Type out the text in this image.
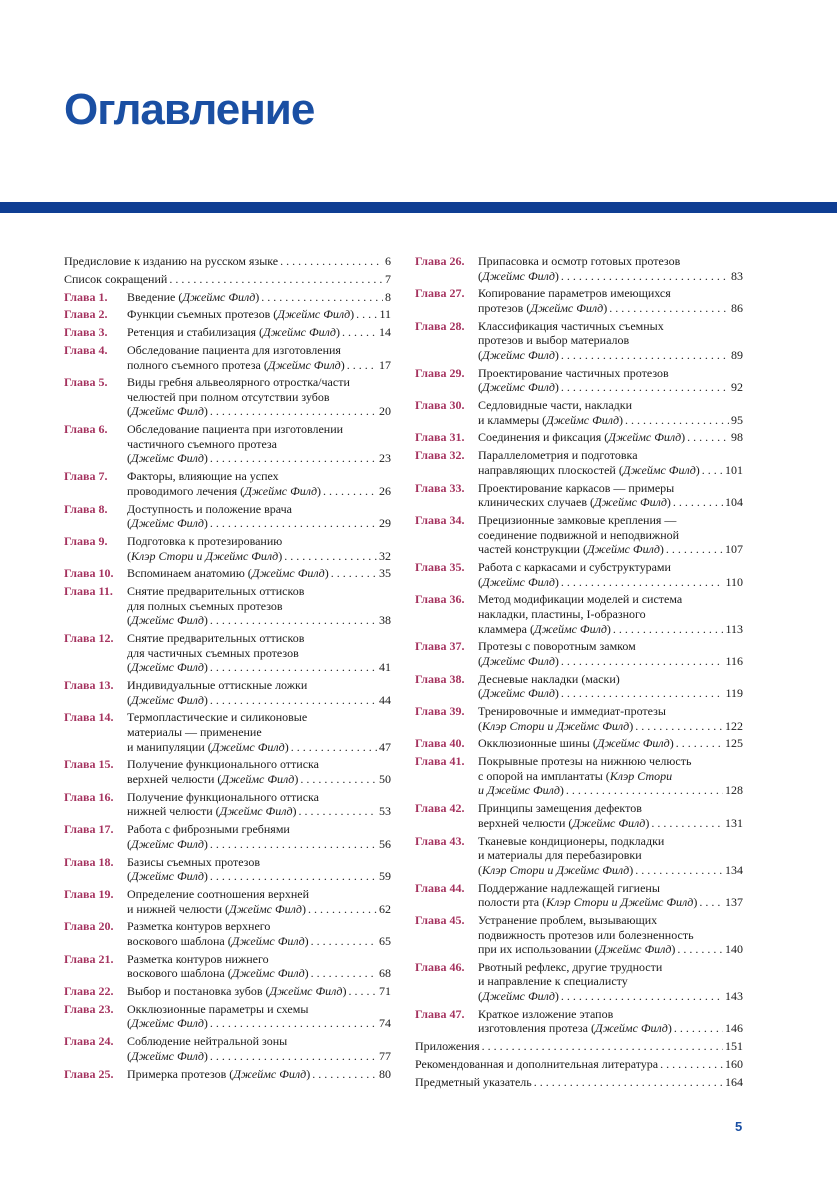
Оглавление
Предисловие к изданию на русском языке . . .	6
Список сокращений . . .	7
Глава 1.	Введение (Джеймс Филд) . . .	8
Глава 2.	Функции съемных протезов (Джеймс Филд) . . . 11
Глава 3.	Ретенция и стабилизация (Джеймс Филд) . . .	14
Глава 4.	Обследование пациента для изготовления
полного съемного протеза (Джеймс Филд) . . .	17
Глава 5.	Виды гребня альвеолярного отростка/части
челюстей при полном отсутствии зубов
(Джеймс Филд) . . .	20
Глава 6.	Обследование пациента при изготовлении
частичного съемного протеза
(Джеймс Филд) . . .	23
Глава 7.	Факторы, влияющие на успех
проводимого лечения (Джеймс Филд) . . .	26
Глава 8.	Доступность и положение врача
(Джеймс Филд) . . .	29
Глава 9.	Подготовка к протезированию
(Клэр Стори и Джеймс Филд) . . .	32
Глава 10.	Вспоминаем анатомию (Джеймс Филд) . . .	35
Глава 11.	Снятие предварительных оттисков
для полных съемных протезов
(Джеймс Филд) . . .	38
Глава 12.	Снятие предварительных оттисков
для частичных съемных протезов
(Джеймс Филд) . . .	41
Глава 13.	Индивидуальные оттискные ложки
(Джеймс Филд) . . .	44
Глава 14.	Термопластические и силиконовые
материалы — применение
и манипуляции (Джеймс Филд) . . .	47
Глава 15.	Получение функционального оттиска
верхней челюсти (Джеймс Филд) . . .	50
Глава 16.	Получение функционального оттиска
нижней челюсти (Джеймс Филд) . . .	53
Глава 17.	Работа с фиброзными гребнями
(Джеймс Филд) . . .	56
Глава 18.	Базисы съемных протезов
(Джеймс Филд) . . .	59
Глава 19.	Определение соотношения верхней
и нижней челюсти (Джеймс Филд) . . .	62
Глава 20.	Разметка контуров верхнего
воскового шаблона (Джеймс Филд) . . .	65
Глава 21.	Разметка контуров нижнего
воскового шаблона (Джеймс Филд) . . .	68
Глава 22.	Выбор и постановка зубов (Джеймс Филд) . . .	71
Глава 23.	Окклюзионные параметры и схемы
(Джеймс Филд) . . .	74
Глава 24.	Соблюдение нейтральной зоны
(Джеймс Филд) . . .	77
Глава 25.	Примерка протезов (Джеймс Филд) . . .	80
Глава 26.	Припасовка и осмотр готовых протезов
(Джеймс Филд) . . .	83
Глава 27.	Копирование параметров имеющихся
протезов (Джеймс Филд) . . .	86
Глава 28.	Классификация частичных съемных
протезов и выбор материалов
(Джеймс Филд) . . .	89
Глава 29.	Проектирование частичных протезов
(Джеймс Филд) . . .	92
Глава 30.	Седловидные части, накладки
и кламмеры (Джеймс Филд) . . .	95
Глава 31.	Соединения и фиксация (Джеймс Филд) . . .	98
Глава 32.	Параллелометрия и подготовка
направляющих плоскостей (Джеймс Филд) . . . 101
Глава 33.	Проектирование каркасов — примеры
клинических случаев (Джеймс Филд) . . .	104
Глава 34.	Прецизионные замковые крепления —
соединение подвижной и неподвижной
частей конструкции (Джеймс Филд) . . .	107
Глава 35.	Работа с каркасами и субструктурами
(Джеймс Филд) . . .	110
Глава 36.	Метод модификации моделей и система
накладки, пластины, I-образного
кламмера (Джеймс Филд) . . .	113
Глава 37.	Протезы с поворотным замком
(Джеймс Филд) . . .	116
Глава 38.	Десневые накладки (маски)
(Джеймс Филд) . . .	119
Глава 39.	Тренировочные и иммедиат-протезы
(Клэр Стори и Джеймс Филд) . . .	122
Глава 40.	Окклюзионные шины (Джеймс Филд) . . .	125
Глава 41.	Покрывные протезы на нижнюю челюсть
с опорой на имплантаты (Клэр Стори
и Джеймс Филд) . . .	128
Глава 42.	Принципы замещения дефектов
верхней челюсти (Джеймс Филд) . . .	131
Глава 43.	Тканевые кондиционеры, подкладки
и материалы для перебазировки
(Клэр Стори и Джеймс Филд) . . .	134
Глава 44.	Поддержание надлежащей гигиены
полости рта (Клэр Стори и Джеймс Филд) . . . 137
Глава 45.	Устранение проблем, вызывающих
подвижность протезов или болезненность
при их использовании (Джеймс Филд) . . .	140
Глава 46.	Рвотный рефлекс, другие трудности
и направление к специалисту
(Джеймс Филд) . . .	143
Глава 47.	Краткое изложение этапов
изготовления протеза (Джеймс Филд) . . .	146
Приложения . . .	151
Рекомендованная и дополнительная литература . . .	160
Предметный указатель . . .	164
5
